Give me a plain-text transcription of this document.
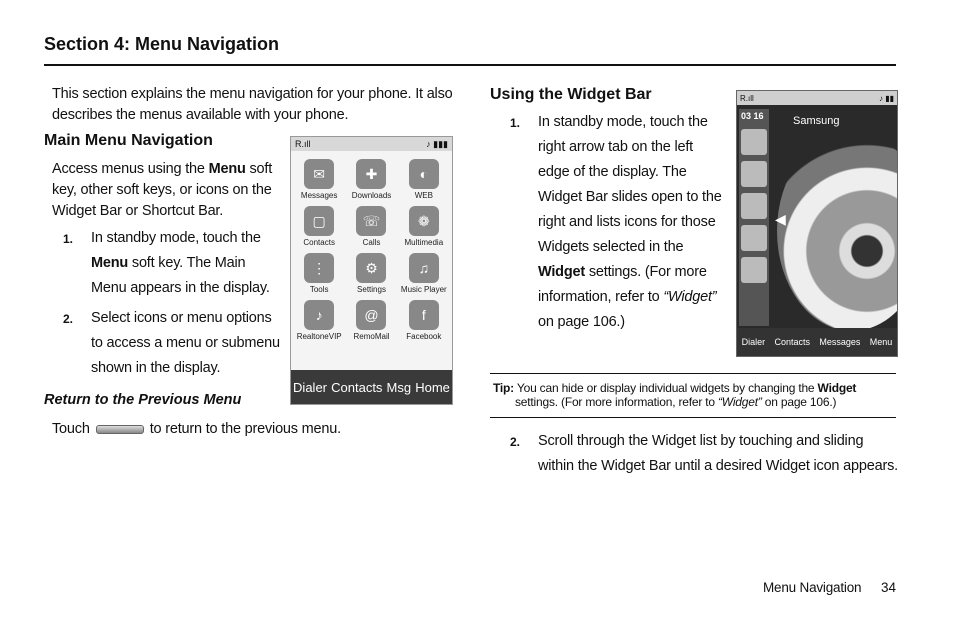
Section 4: Menu Navigation
This section explains the menu navigation for your phone. It also
describes the menus available with your phone.
Main Menu Navigation
Access menus using the Menu soft
key, other soft keys, or icons on the
Widget Bar or Shortcut Bar.
1. In standby mode, touch the
Menu soft key. The Main
Menu appears in the display.
2. Select icons or menu options
to access a menu or submenu
shown in the display.
Return to the Previous Menu
Touch	to return to the previous menu.
R.ıll	♪ ▮▮▮
✉
Messages
✚
Downloads
◐
WEB
▢
Contacts
☏
Calls
❁
Multimedia
⋮
Tools
⚙
Settings
♫
Music Player
♪
RealtoneVIP
@
RemoMail
f
Facebook
Dialer Contacts Msg Home
Using the Widget Bar
1. In standby mode, touch the
right arrow tab on the left
edge of the display. The
Widget Bar slides open to the
right and lists icons for those
Widgets selected in the
Widget settings. (For more
information, refer to “Widget”
on page 106.)
R.ıll	♪ ▮▮
03 16	Samsung
◀
Dialer Contacts Messages Menu
Tip: You can hide or display individual widgets by changing the Widget
settings. (For more information, refer to “Widget” on page 106.)
2. Scroll through the Widget list by touching and sliding
within the Widget Bar until a desired Widget icon appears.
Menu Navigation 34
